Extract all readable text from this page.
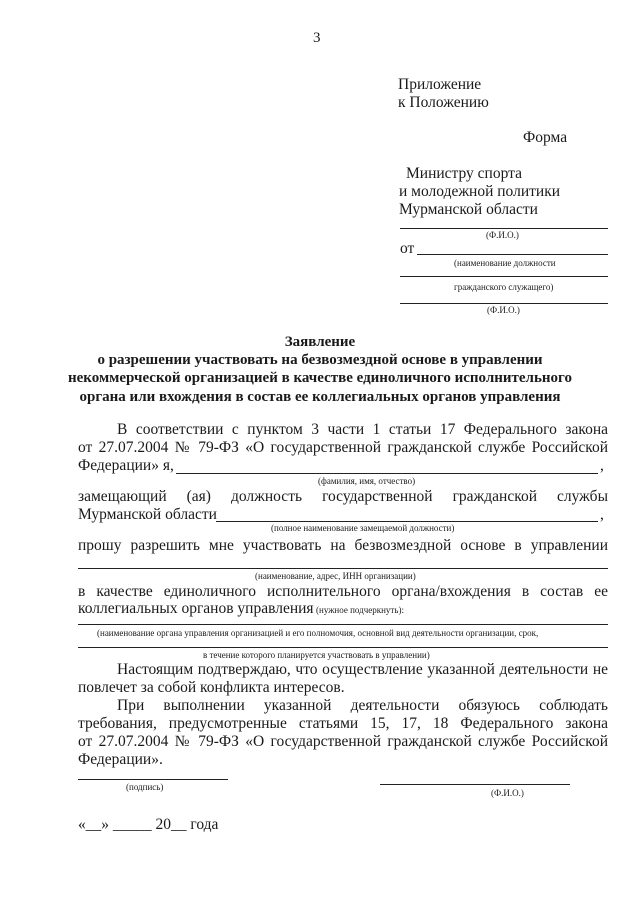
3
Приложение
к Положению
Форма
Министру спорта
и молодежной политики
Мурманской области
(Ф.И.О.)
от
(наименование должности
гражданского служащего)
(Ф.И.О.)
Заявление
о разрешении участвовать на безвозмездной основе в управлении
некоммерческой организацией в качестве единоличного исполнительного
органа или вхождения в состав ее коллегиальных органов управления
В соответствии с пунктом 3 части 1 статьи 17 Федерального закона
от 27.07.2004 № 79-ФЗ «О государственной гражданской службе Российской
Федерации» я,	,
(фамилия, имя, отчество)
замещающий (ая) должность государственной гражданской службы
Мурманской области	,
(полное наименование замещаемой должности)
прошу разрешить мне участвовать на безвозмездной основе в управлении
(наименование, адрес, ИНН организации)
в качестве единоличного исполнительного органа/вхождения в состав ее
коллегиальных органов управления (нужное подчеркнуть):
(наименование органа управления организацией и его полномочия, основной вид деятельности организации, срок,
в течение которого планируется участвовать в управлении)
Настоящим подтверждаю, что осуществление указанной деятельности не
повлечет за собой конфликта интересов.
При выполнении указанной деятельности обязуюсь соблюдать
требования, предусмотренные статьями 15, 17, 18 Федерального закона
от 27.07.2004 № 79-ФЗ «О государственной гражданской службе Российской
Федерации».
(подпись)
(Ф.И.О.)
«__» _____ 20__ года
